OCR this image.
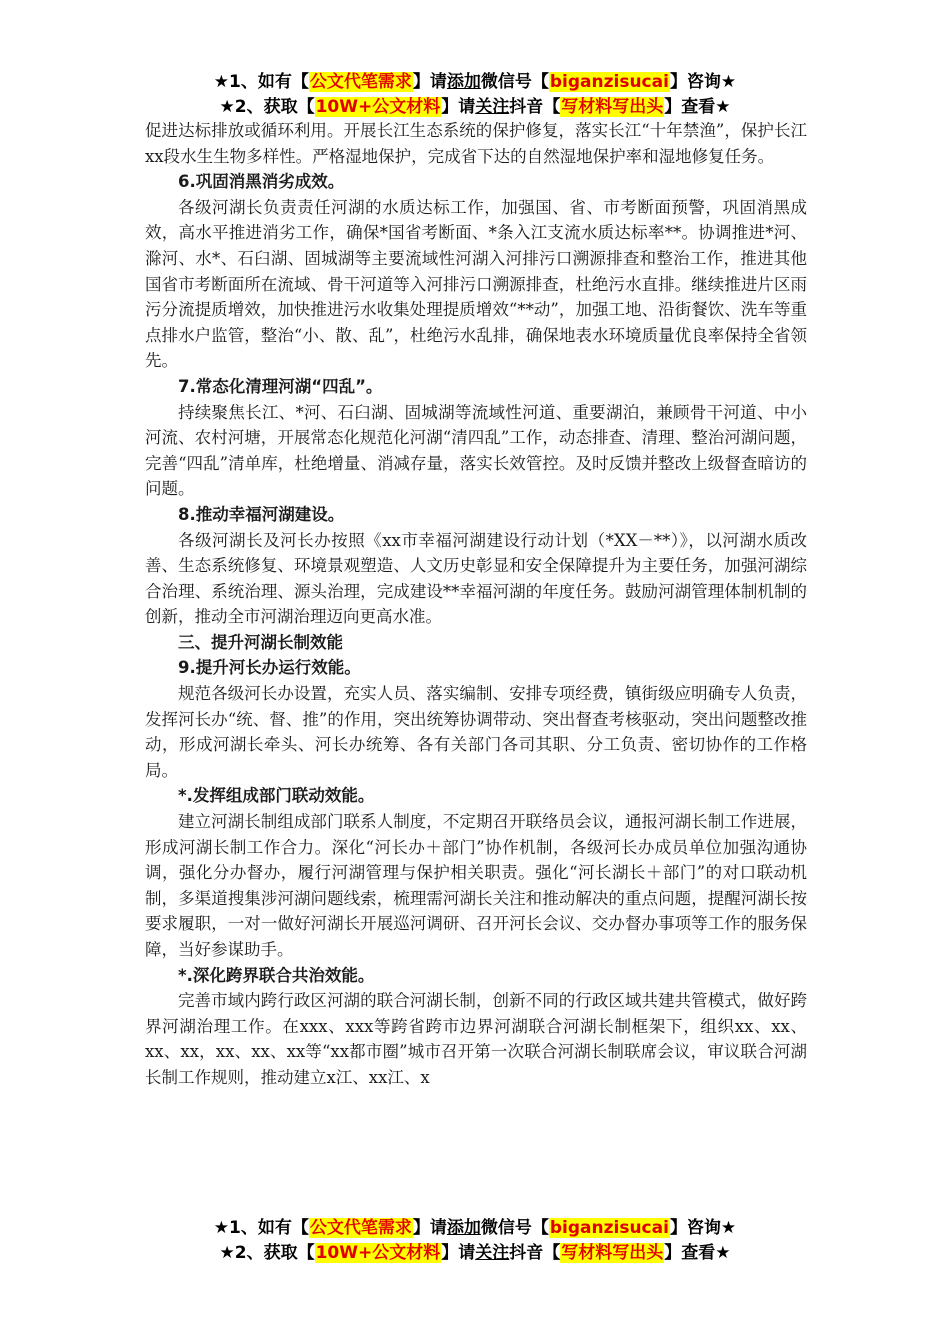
★1、如有【公文代笔需求】请添加微信号【biganzisucai】咨询★
★2、获取【10W+公文材料】请关注抖音【写材料写出头】查看★

促进达标排放或循环利用。开展长江生态系统的保护修复，落实长江“十年禁渔”，保护长江xx段水生生物多样性。严格湿地保护，完成省下达的自然湿地保护率和湿地修复任务。

6.巩固消黑消劣成效。

各级河湖长负责责任河湖的水质达标工作，加强国、省、市考断面预警，巩固消黑成效，高水平推进消劣工作，确保*国省考断面、*条入江支流水质达标率**。协调推进*河、滁河、水*、石臼湖、固城湖等主要流域性河湖入河排污口溯源排查和整治工作，推进其他国省市考断面所在流域、骨干河道等入河排污口溯源排查，杜绝污水直排。继续推进片区雨污分流提质增效，加快推进污水收集处理提质增效“**动”，加强工地、沿街餐饮、洗车等重点排水户监管，整治“小、散、乱”，杜绝污水乱排，确保地表水环境质量优良率保持全省领先。

7.常态化清理河湖“四乱”。

持续聚焦长江、*河、石臼湖、固城湖等流域性河道、重要湖泊，兼顾骨干河道、中小河流、农村河塘，开展常态化规范化河湖“清四乱”工作，动态排查、清理、整治河湖问题，完善“四乱”清单库，杜绝增量、消减存量，落实长效管控。及时反馈并整改上级督查暗访的问题。

8.推动幸福河湖建设。

各级河湖长及河长办按照《xx市幸福河湖建设行动计划（*XX－**）》，以河湖水质改善、生态系统修复、环境景观塑造、人文历史彰显和安全保障提升为主要任务，加强河湖综合治理、系统治理、源头治理，完成建设**幸福河湖的年度任务。鼓励河湖管理体制机制的创新，推动全市河湖治理迈向更高水准。

三、提升河湖长制效能

9.提升河长办运行效能。

规范各级河长办设置，充实人员、落实编制、安排专项经费，镇街级应明确专人负责，发挥河长办“统、督、推”的作用，突出统筹协调带动、突出督查考核驱动，突出问题整改推动，形成河湖长牵头、河长办统筹、各有关部门各司其职、分工负责、密切协作的工作格局。

*.发挥组成部门联动效能。

建立河湖长制组成部门联系人制度，不定期召开联络员会议，通报河湖长制工作进展，形成河湖长制工作合力。深化“河长办＋部门”协作机制，各级河长办成员单位加强沟通协调，强化分办督办，履行河湖管理与保护相关职责。强化“河长湖长＋部门”的对口联动机制，多渠道搜集涉河湖问题线索，梳理需河湖长关注和推动解决的重点问题，提醒河湖长按要求履职，一对一做好河湖长开展巡河调研、召开河长会议、交办督办事项等工作的服务保障，当好参谋助手。

*.深化跨界联合共治效能。

完善市域内跨行政区河湖的联合河湖长制，创新不同的行政区域共建共管模式，做好跨界河湖治理工作。在xxx、xxx等跨省跨市边界河湖联合河湖长制框架下，组织xx、xx、xx、xx，xx、xx、xx等“xx都市圈”城市召开第一次联合河湖长制联席会议，审议联合河湖长制工作规则，推动建立x江、xx江、x

★1、如有【公文代笔需求】请添加微信号【biganzisucai】咨询★
★2、获取【10W+公文材料】请关注抖音【写材料写出头】查看★
